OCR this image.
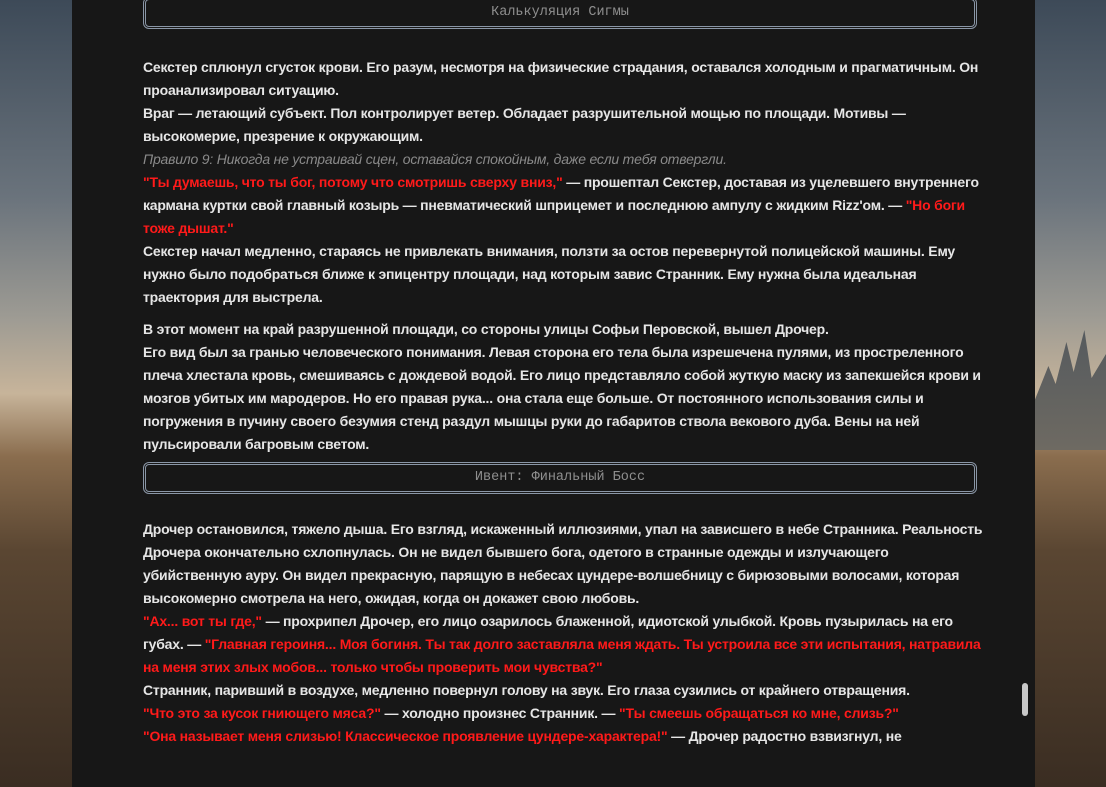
Калькуляция Сигмы

Секстер сплюнул сгусток крови. Его разум, несмотря на физические страдания, оставался холодным и прагматичным. Он проанализировал ситуацию.

Враг — летающий субъект. Пол контролирует ветер. Обладает разрушительной мощью по площади. Мотивы — высокомерие, презрение к окружающим.

Правило 9: Никогда не устраивай сцен, оставайся спокойным, даже если тебя отвергли.

"Ты думаешь, что ты бог, потому что смотришь сверху вниз," — прошептал Секстер, доставая из уцелевшего внутреннего кармана куртки свой главный козырь — пневматический шприцемет и последнюю ампулу с жидким Rizz'ом. — "Но боги тоже дышат."

Секстер начал медленно, стараясь не привлекать внимания, ползти за остов перевернутой полицейской машины. Ему нужно было подобраться ближе к эпицентру площади, над которым завис Странник. Ему нужна была идеальная траектория для выстрела.

В этот момент на край разрушенной площади, со стороны улицы Софьи Перовской, вышел Дрочер.

Его вид был за гранью человеческого понимания. Левая сторона его тела была изрешечена пулями, из простреленного плеча хлестала кровь, смешиваясь с дождевой водой. Его лицо представляло собой жуткую маску из запекшейся крови и мозгов убитых им мародеров. Но его правая рука... она стала еще больше. От постоянного использования силы и погружения в пучину своего безумия стенд раздул мышцы руки до габаритов ствола векового дуба. Вены на ней пульсировали багровым светом.

Ивент: Финальный Босс

Дрочер остановился, тяжело дыша. Его взгляд, искаженный иллюзиями, упал на зависшего в небе Странника. Реальность Дрочера окончательно схлопнулась. Он не видел бывшего бога, одетого в странные одежды и излучающего убийственную ауру. Он видел прекрасную, парящую в небесах цундере-волшебницу с бирюзовыми волосами, которая высокомерно смотрела на него, ожидая, когда он докажет свою любовь.

"Ах... вот ты где," — прохрипел Дрочер, его лицо озарилось блаженной, идиотской улыбкой. Кровь пузырилась на его губах. — "Главная героиня... Моя богиня. Ты так долго заставляла меня ждать. Ты устроила все эти испытания, натравила на меня этих злых мобов... только чтобы проверить мои чувства?"

Странник, паривший в воздухе, медленно повернул голову на звук. Его глаза сузились от крайнего отвращения.

"Что это за кусок гниющего мяса?" — холодно произнес Странник. — "Ты смеешь обращаться ко мне, слизь?"

"Она называет меня слизью! Классическое проявление цундере-характера!" — Дрочер радостно взвизгнул, не
